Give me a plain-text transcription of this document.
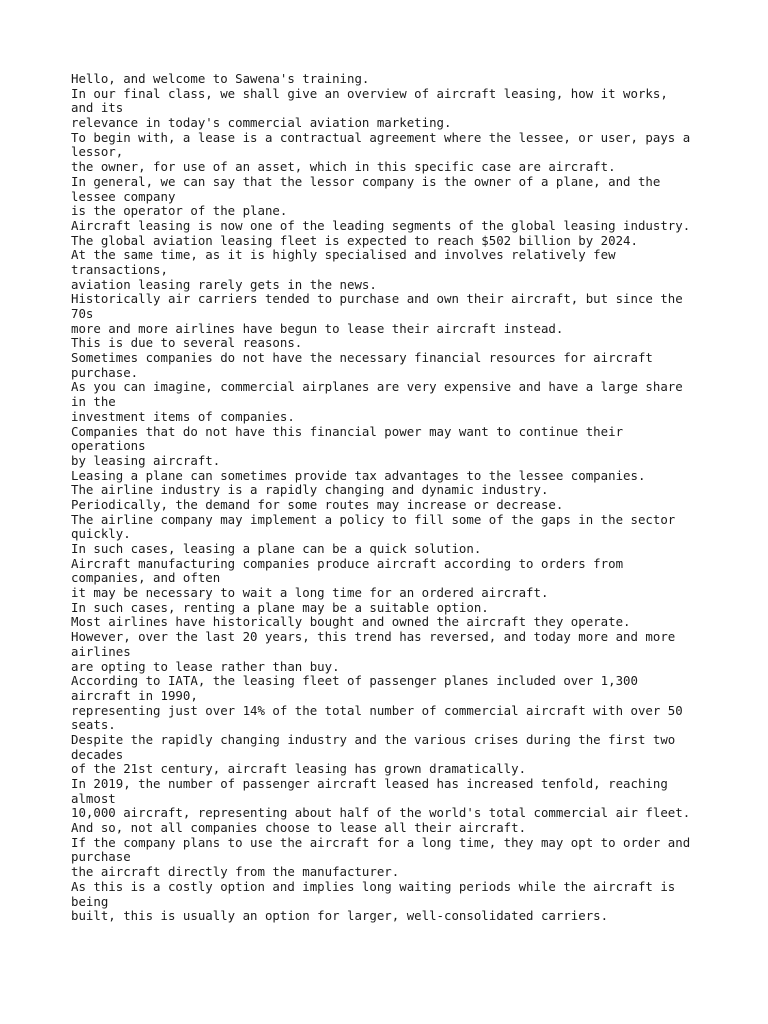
Hello, and welcome to Sawena's training.
In our final class, we shall give an overview of aircraft leasing, how it works,
and its
relevance in today's commercial aviation marketing.
To begin with, a lease is a contractual agreement where the lessee, or user, pays a
lessor,
the owner, for use of an asset, which in this specific case are aircraft.
In general, we can say that the lessor company is the owner of a plane, and the
lessee company
is the operator of the plane.
Aircraft leasing is now one of the leading segments of the global leasing industry.
The global aviation leasing fleet is expected to reach $502 billion by 2024.
At the same time, as it is highly specialised and involves relatively few
transactions,
aviation leasing rarely gets in the news.
Historically air carriers tended to purchase and own their aircraft, but since the
70s
more and more airlines have begun to lease their aircraft instead.
This is due to several reasons.
Sometimes companies do not have the necessary financial resources for aircraft
purchase.
As you can imagine, commercial airplanes are very expensive and have a large share
in the
investment items of companies.
Companies that do not have this financial power may want to continue their
operations
by leasing aircraft.
Leasing a plane can sometimes provide tax advantages to the lessee companies.
The airline industry is a rapidly changing and dynamic industry.
Periodically, the demand for some routes may increase or decrease.
The airline company may implement a policy to fill some of the gaps in the sector
quickly.
In such cases, leasing a plane can be a quick solution.
Aircraft manufacturing companies produce aircraft according to orders from
companies, and often
it may be necessary to wait a long time for an ordered aircraft.
In such cases, renting a plane may be a suitable option.
Most airlines have historically bought and owned the aircraft they operate.
However, over the last 20 years, this trend has reversed, and today more and more
airlines
are opting to lease rather than buy.
According to IATA, the leasing fleet of passenger planes included over 1,300
aircraft in 1990,
representing just over 14% of the total number of commercial aircraft with over 50
seats.
Despite the rapidly changing industry and the various crises during the first two
decades
of the 21st century, aircraft leasing has grown dramatically.
In 2019, the number of passenger aircraft leased has increased tenfold, reaching
almost
10,000 aircraft, representing about half of the world's total commercial air fleet.
And so, not all companies choose to lease all their aircraft.
If the company plans to use the aircraft for a long time, they may opt to order and
purchase
the aircraft directly from the manufacturer.
As this is a costly option and implies long waiting periods while the aircraft is
being
built, this is usually an option for larger, well-consolidated carriers.
